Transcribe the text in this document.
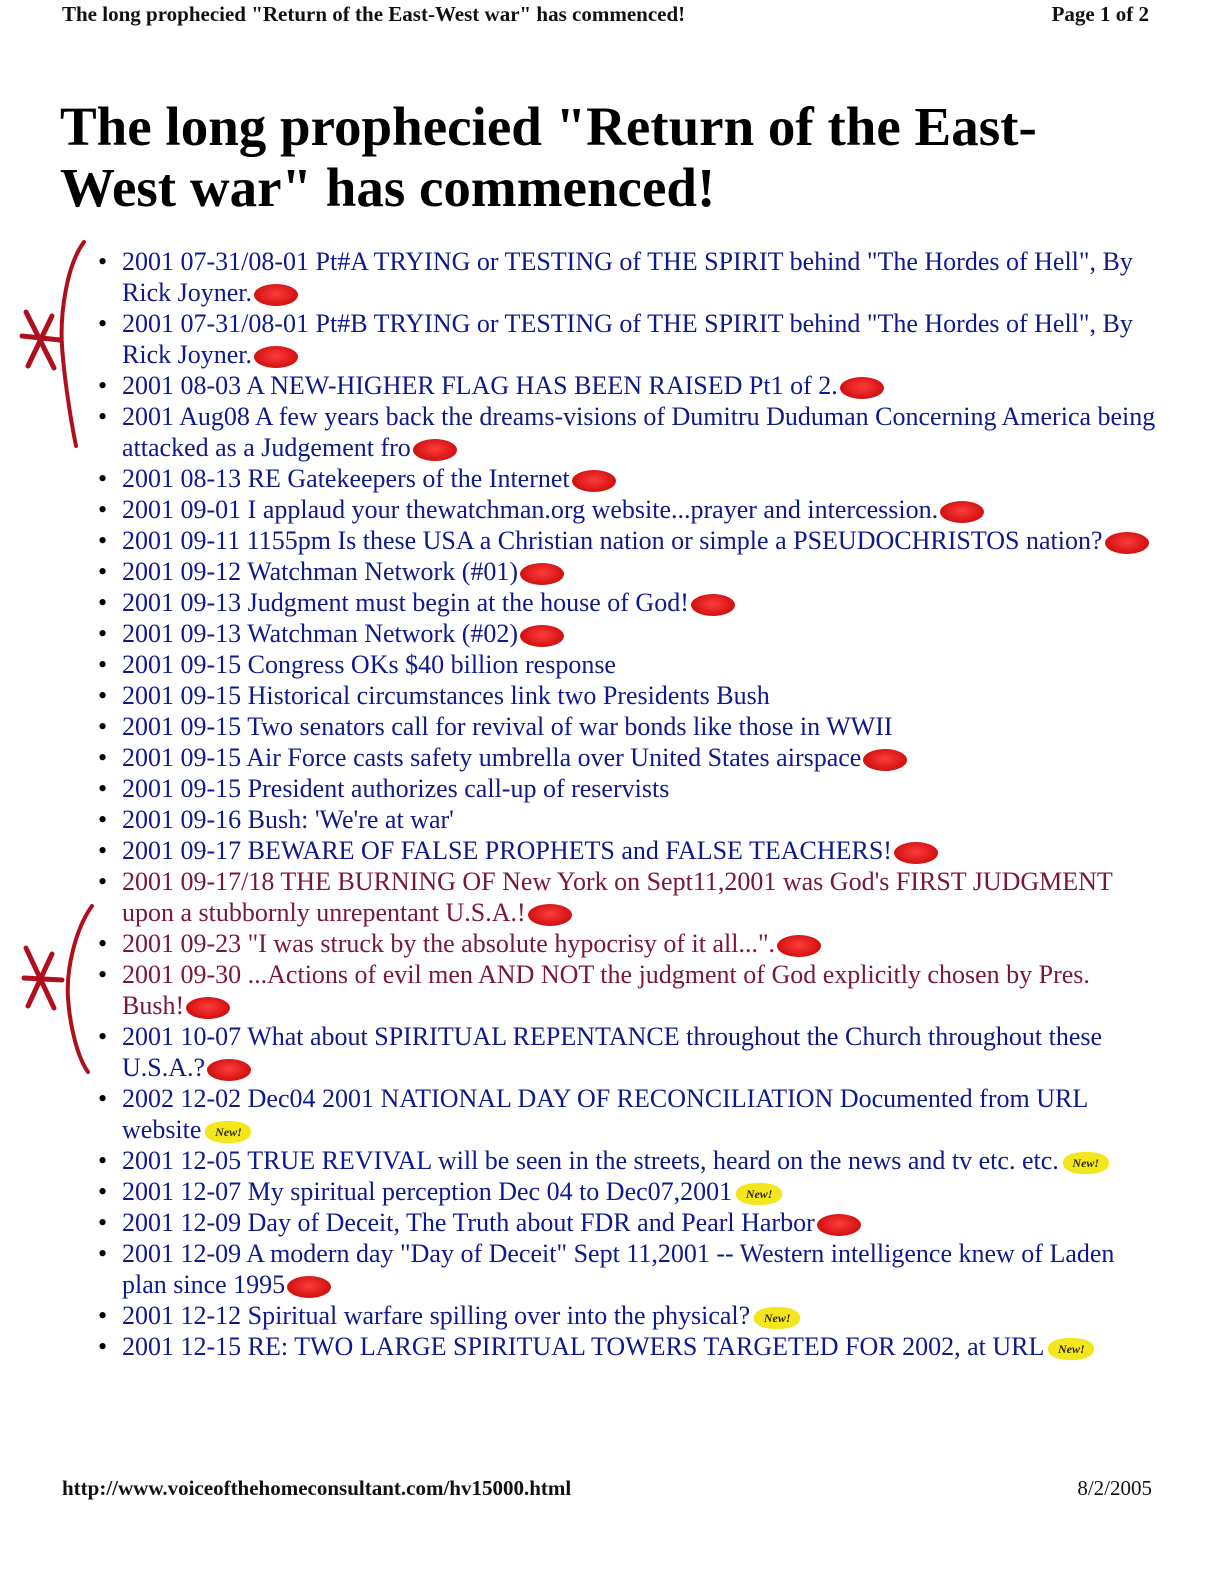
The long prophecied "Return of the East-West war" has commenced!	Page 1 of 2
The long prophecied "Return of the East-West war" has commenced!
• 2001 07-31/08-01 Pt#A TRYING or TESTING of THE SPIRIT behind "The Hordes of Hell", By Rick Joyner.
• 2001 07-31/08-01 Pt#B TRYING or TESTING of THE SPIRIT behind "The Hordes of Hell", By Rick Joyner.
• 2001 08-03 A NEW-HIGHER FLAG HAS BEEN RAISED Pt1 of 2.
• 2001 Aug08 A few years back the dreams-visions of Dumitru Duduman Concerning America being attacked as a Judgement fro
• 2001 08-13 RE Gatekeepers of the Internet
• 2001 09-01 I applaud your thewatchman.org website...prayer and intercession.
• 2001 09-11 1155pm Is these USA a Christian nation or simple a PSEUDOCHRISTOS nation?
• 2001 09-12 Watchman Network (#01)
• 2001 09-13 Judgment must begin at the house of God!
• 2001 09-13 Watchman Network (#02)
• 2001 09-15 Congress OKs $40 billion response
• 2001 09-15 Historical circumstances link two Presidents Bush
• 2001 09-15 Two senators call for revival of war bonds like those in WWII
• 2001 09-15 Air Force casts safety umbrella over United States airspace
• 2001 09-15 President authorizes call-up of reservists
• 2001 09-16 Bush: 'We're at war'
• 2001 09-17 BEWARE OF FALSE PROPHETS and FALSE TEACHERS!
• 2001 09-17/18 THE BURNING OF New York on Sept11,2001 was God's FIRST JUDGMENT upon a stubbornly unrepentant U.S.A.!
• 2001 09-23 "I was struck by the absolute hypocrisy of it all...".
• 2001 09-30 ...Actions of evil men AND NOT the judgment of God explicitly chosen by Pres. Bush!
• 2001 10-07 What about SPIRITUAL REPENTANCE throughout the Church throughout these U.S.A.?
• 2002 12-02 Dec04 2001 NATIONAL DAY OF RECONCILIATION Documented from URL website New!
• 2001 12-05 TRUE REVIVAL will be seen in the streets, heard on the news and tv etc. etc. New!
• 2001 12-07 My spiritual perception Dec 04 to Dec07,2001 New!
• 2001 12-09 Day of Deceit, The Truth about FDR and Pearl Harbor
• 2001 12-09 A modern day "Day of Deceit" Sept 11,2001 -- Western intelligence knew of Laden plan since 1995
• 2001 12-12 Spiritual warfare spilling over into the physical? New!
• 2001 12-15 RE: TWO LARGE SPIRITUAL TOWERS TARGETED FOR 2002, at URL New!
http://www.voiceofthehomeconsultant.com/hv15000.html	8/2/2005
